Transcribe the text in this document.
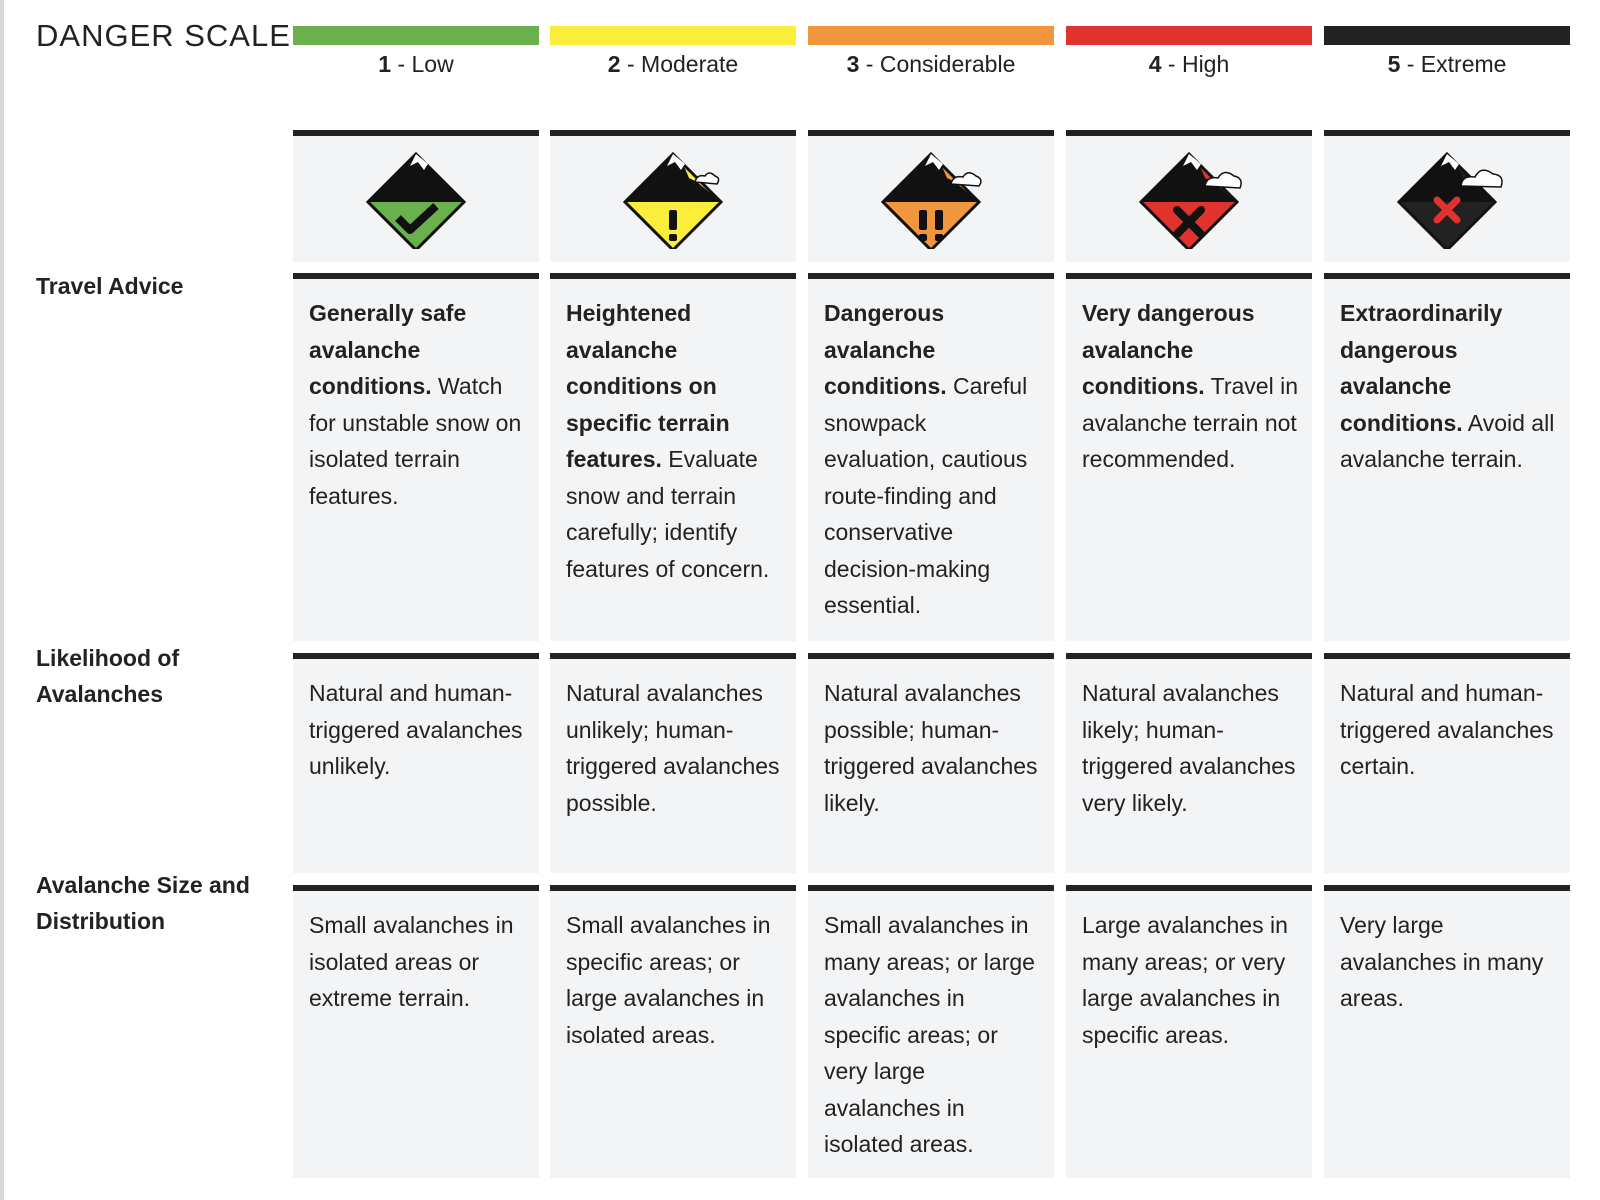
DANGER SCALE
Travel Advice
Likelihood of Avalanches
Avalanche Size and Distribution
1 - Low
Generally safe avalanche conditions. Watch for unstable snow on isolated terrain features.
Natural and human-triggered avalanches unlikely.
Small avalanches in isolated areas or extreme terrain.
2 - Moderate
Heightened avalanche conditions on specific terrain features. Evaluate snow and terrain carefully; identify features of concern.
Natural avalanches unlikely; human-triggered avalanches possible.
Small avalanches in specific areas; or large avalanches in isolated areas.
3 - Considerable
Dangerous avalanche conditions. Careful snowpack evaluation, cautious route-finding and conservative decision-making essential.
Natural avalanches possible; human-triggered avalanches likely.
Small avalanches in many areas; or large avalanches in specific areas; or very large avalanches in isolated areas.
4 - High
Very dangerous avalanche conditions. Travel in avalanche terrain not recommended.
Natural avalanches likely; human-triggered avalanches very likely.
Large avalanches in many areas; or very large avalanches in specific areas.
5 - Extreme
Extraordinarily dangerous avalanche conditions. Avoid all avalanche terrain.
Natural and human-triggered avalanches certain.
Very large avalanches in many areas.
